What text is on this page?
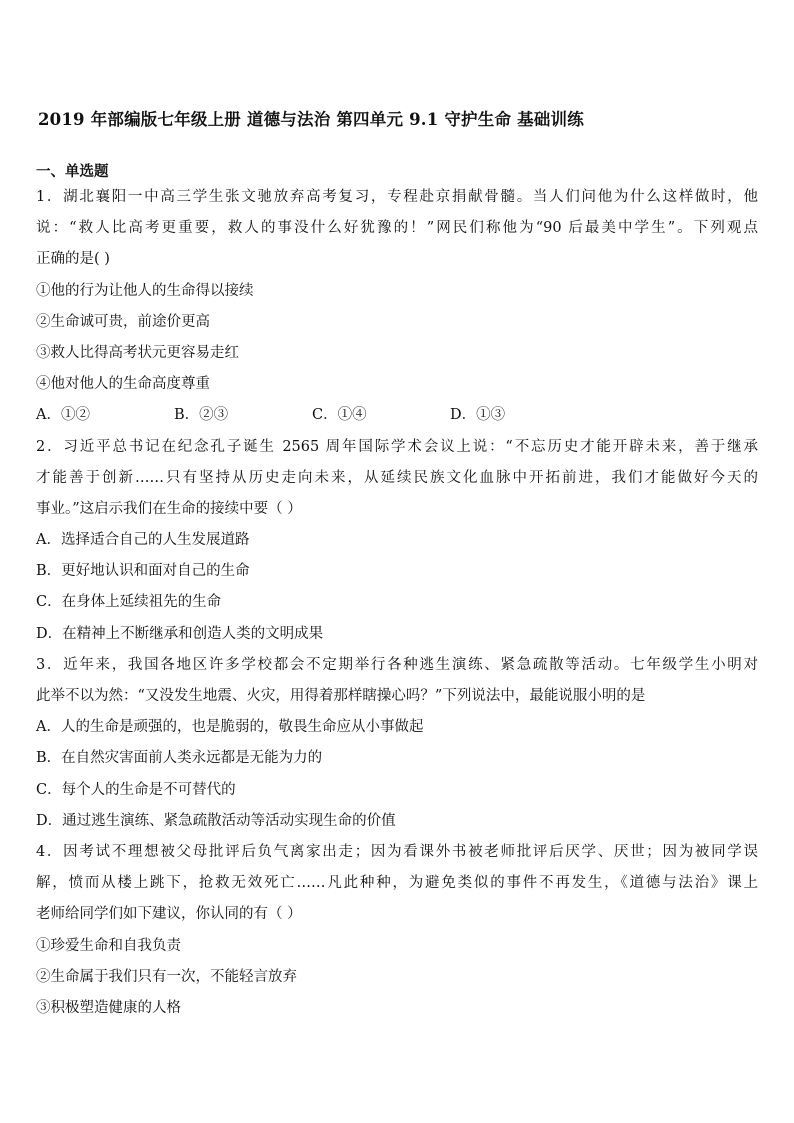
2019 年部编版七年级上册 道德与法治 第四单元 9.1 守护生命 基础训练
一、单选题
1．湖北襄阳一中高三学生张文驰放弃高考复习，专程赴京捐献骨髓。当人们问他为什么这样做时，他
说：“救人比高考更重要，救人的事没什么好犹豫的！”网民们称他为“90 后最美中学生”。下列观点
正确的是( )
①他的行为让他人的生命得以接续
②生命诚可贵，前途价更高
③救人比得高考状元更容易走红
④他对他人的生命高度尊重
A．①②	B．②③	C．①④	D．①③
2．习近平总书记在纪念孔子诞生 2565 周年国际学术会议上说：“不忘历史才能开辟未来，善于继承
才能善于创新……只有坚持从历史走向未来，从延续民族文化血脉中开拓前进，我们才能做好今天的
事业。”这启示我们在生命的接续中要（ ）
A．选择适合自己的人生发展道路
B．更好地认识和面对自己的生命
C．在身体上延续祖先的生命
D．在精神上不断继承和创造人类的文明成果
3．近年来，我国各地区许多学校都会不定期举行各种逃生演练、紧急疏散等活动。七年级学生小明对
此举不以为然：“又没发生地震、火灾，用得着那样瞎操心吗？”下列说法中，最能说服小明的是
A．人的生命是顽强的，也是脆弱的，敬畏生命应从小事做起
B．在自然灾害面前人类永远都是无能为力的
C．每个人的生命是不可替代的
D．通过逃生演练、紧急疏散活动等活动实现生命的价值
4．因考试不理想被父母批评后负气离家出走；因为看课外书被老师批评后厌学、厌世；因为被同学误
解，愤而从楼上跳下，抢救无效死亡……凡此种种，为避免类似的事件不再发生，《道德与法治》课上
老师给同学们如下建议，你认同的有（ ）
①珍爱生命和自我负责
②生命属于我们只有一次，不能轻言放弃
③积极塑造健康的人格
